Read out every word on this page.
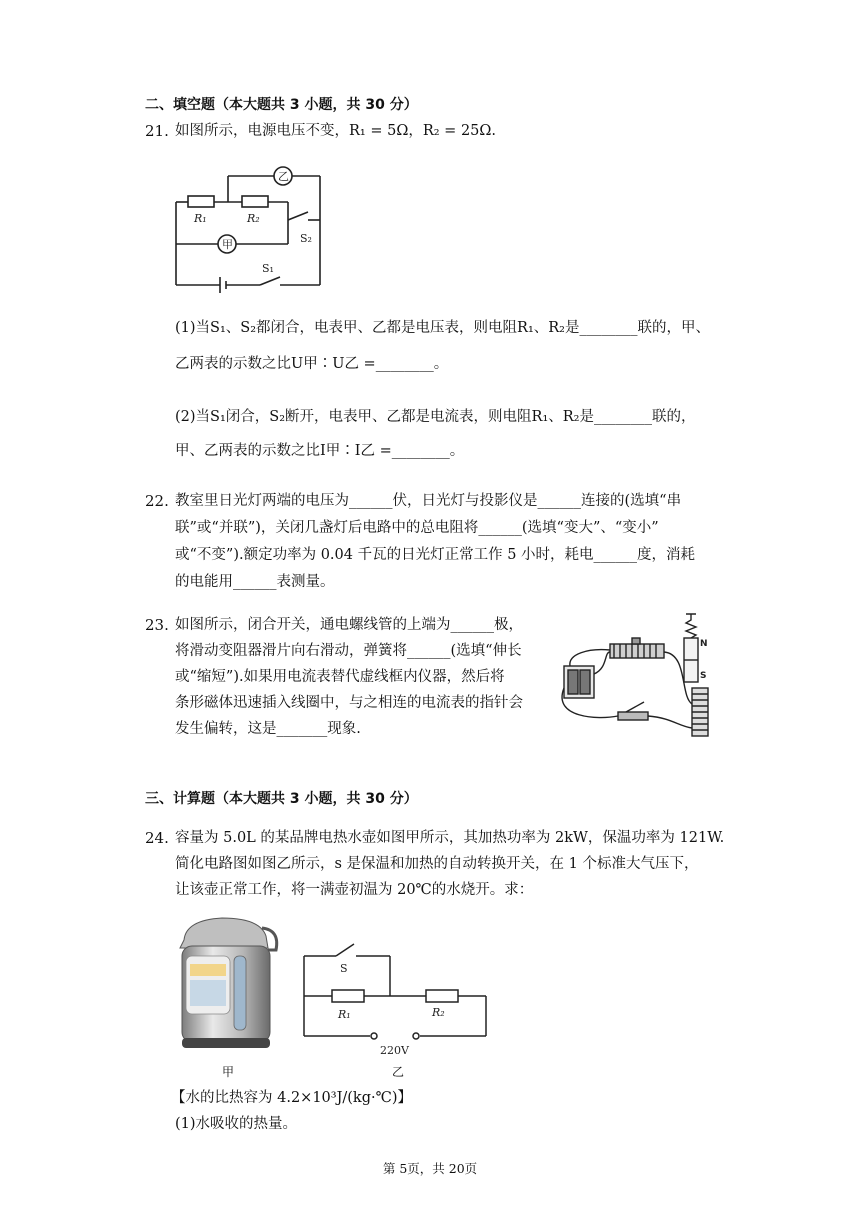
二、填空题（本大题共 3 小题，共 30 分）
21. 如图所示，电源电压不变，R₁ = 5Ω，R₂ = 25Ω.
乙
甲
R₁	R₂
S₂
S₁
(1)当S₁、S₂都闭合，电表甲、乙都是电压表，则电阻R₁、R₂是________联的，甲、
乙两表的示数之比U甲∶U乙 =________。
(2)当S₁闭合，S₂断开，电表甲、乙都是电流表，则电阻R₁、R₂是________联的，
甲、乙两表的示数之比I甲∶I乙 =________。
22. 教室里日光灯两端的电压为______伏，日光灯与投影仪是______连接的(选填“串
联”或“并联”)，关闭几盏灯后电路中的总电阻将______(选填“变大”、“变小”
或“不变”).额定功率为 0.04 千瓦的日光灯正常工作 5 小时，耗电______度，消耗
的电能用______表测量。
23. 如图所示，闭合开关，通电螺线管的上端为______极，
将滑动变阻器滑片向右滑动，弹簧将______(选填“伸长
或“缩短”).如果用电流表替代虚线框内仪器，然后将
条形磁体迅速插入线圈中，与之相连的电流表的指针会
发生偏转，这是_______现象.
N
S
三、计算题（本大题共 3 小题，共 30 分）
24. 容量为 5.0L 的某品牌电热水壶如图甲所示，其加热功率为 2kW，保温功率为 121W.
简化电路图如图乙所示，s 是保温和加热的自动转换开关，在 1 个标准大气压下，
让该壶正常工作，将一满壶初温为 20℃的水烧开。求：
S
R₁	R₂
220V
甲	乙
【水的比热容为 4.2×10³J/(kg·℃)】
(1)水吸收的热量。
第 5页，共 20页
